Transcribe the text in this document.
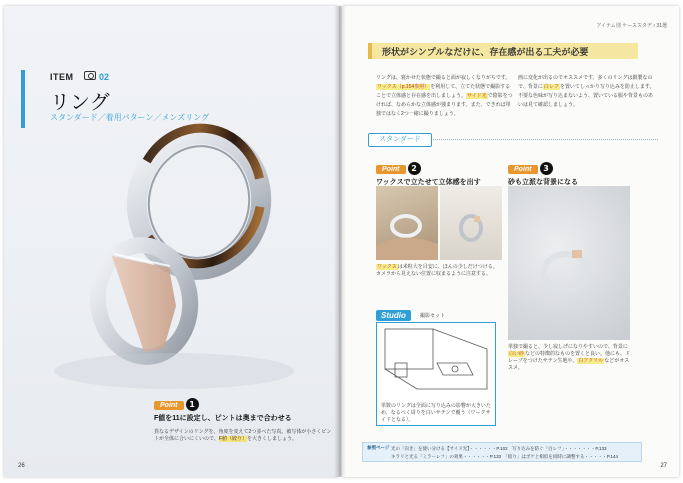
ITEM	02
リング
スタンダード／着用パターン／メンズリング
Point 1
F値を11に設定し、ピントは奥まで合わせる
異なるデザインのリングを、角度を変えて2つ並べた写真。被写体が小さくピントが全体に合いにくいので、F値（絞り）を大きくしましょう。
26
アイテム別 ケーススタディ31選
形状がシンプルなだけに、存在感が出る工夫が必要
リングは、寝かせた状態で撮ると面が寂しくなりがちです。ワックス（p.154参照）を利用して、立てた状態で撮影することで立体感と存在感を出しましょう。サイド光で陰影をつければ、なめらかな立体感が強まります。また、できれば単独ではなく2つ一緒に撮りましょう。
画に変化が出るのでオススメです。多くのリングは銀製なので、背景に白レフを置いてしっかり写り込みを防止します。不要な色味が写り込まないよう、置いている服や背景ものあいは見て確認しましょう。
スタンダード
Point 2
ワックスで立たせて立体感を出す
ワックスは米粒大を目安に、ほんの少しだけつける。カメラから見えない位置に収まるように注意する。
Point 3
砂も立派な背景になる
単独で撮ると、少し寂しげになりやすいので、背景に白い砂などの特徴的なものを置くと良い。他にも、ドレープをつけたサテン生地や、白アクリルなどがオススメ。
Studio	撮影セット
単数のリングは全面に写り込みの影響が大きいため、なるべく周りを白いサテンで覆う（ワークサイドとなる）。
参照ページ 光の「向き」を使い分ける【サイド光】・・・・・・P.102　写り込みを防ぐ「白レフ」・・・・・・・P.133
キラリと光る「ミラーレフ」の効果・・・・・・P.133　「絞り」はボケと相似を同時に調整する・・・・・P.144
27
